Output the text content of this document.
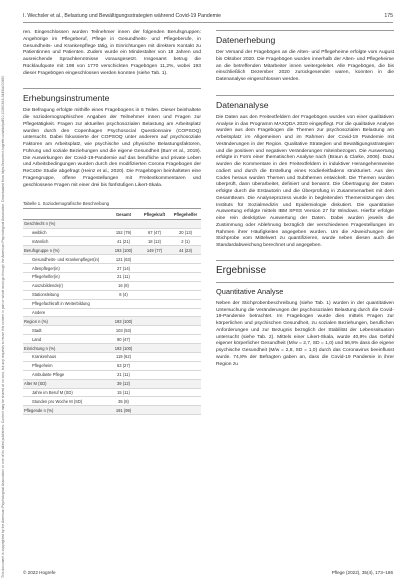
This document is copyrighted by the American Psychological Association or one of its allied publishers. Content may be shared at no cost, but any requests to reuse this content in part or whole must go through the American Psychological Association. Downloaded from https://econtent.hogrefe.com/doi/pdf/10.1026/1616-3443/a000650
I. Wechsler et al., Belastung und Bewältigungsstrategien während Covid-19 Pandemie	175

ren. Eingeschlossen wurden Teilnehmer innen der folgenden Berufsgruppen: Angehörige im Pflegeberuf, Pflege in Gesundheits- und Pflegeberufe, in Gesundheits- und Krankenpflege tätig, in Einrichtungen mit direktem Kontakt zu Patientinnen und Patienten. Zudem wurde ein Mindestalter von 18 Jahren und ausreichende Sprachkenntnisse vorausgesetzt. Insgesamt betrug die Rücklaufquote mit 198 von 1770 verschickten Fragebögen 11,2%, wobei 193 dieser Fragebögen eingeschlossen werden konnten (siehe Tab. 1).

Erhebungsinstrumente

Die Befragung erfolgte mithilfe eines Fragebogens in 6 Teilen. Dieser beinhaltete die soziodemographischen Angaben der Teilnehmer innen und Fragen zur Pflegetätigkeit. Fragen zur aktuellen psychosozialen Belastung am Arbeitsplatz wurden durch den Copenhagen Psychosocial Questionnaire (COPSOQ) untersucht. Dabei fokussierte der COPSOQ unter anderem auf psychosoziale Faktoren am Arbeitsplatz, wie psychische und physische Belastungsfaktoren, Führung und soziale Beziehungen und die eigene Gesundheit (Burr et al., 2019). Die Auswirkungen der Covid-19-Pandemie auf das berufliche und private Leben und Arbeitsbedingungen wurden durch den modifizierten Corona Fragebogen der ReCoDe Studie abgefragt (Heinz et al., 2020). Die Fragebögen beinhalteten eine Fragengruppe, offene Fragestellungen mit Freitextkommentaren und geschlossene Fragen mit einer drei bis fünfstufigen Likert-Skala.

Tabelle 1. Soziodemografische Beschreibung
	Gesamt	Pflegekraft	Pflegehelfer
Geschlecht n (%)			
weiblich	152 (79)	67 (47)	20 (13)
männlich	41 (21)	18 (12)	2 (1)
Berufsgruppe n (%)	193 (100)	149 (77)	44 (23)
Gesundheits- und Krankenpfleger(in)	121 (63)		
Altenpfleger(in)	27 (14)		
Pflegehelfer(in)	21 (11)		
Auszubildende(r)	16 (8)		
Stationsleitung	8 (4)		
Pflegefachkraft in Weiterbildung			
Andere			
Region n (%)	193 (100)		
Stadt	103 (53)		
Land	90 (47)		
Einrichtung n (%)	193 (100)		
Krankenhaus	119 (62)		
Pflegeheim	53 (27)		
Ambulante Pflege	21 (11)		
Alter M (SD)	39 (12)		
Jahre im Beruf M (SD)	15 (11)		
Stunden pro Woche M (SD)	35 (8)		
Pflegende n (%)	191 (99)		
Datenerhebung

Der Versand der Fragebögen an die Alten- und Pflegeheime erfolgte vom August bis Oktober 2020. Die Fragebögen wurden innerhalb der Alten- und Pflegeheime an die betreffenden Mitarbeiter innen weitergeleitet. Alle Fragebögen, die bis einschließlich Dezember 2020 zurückgesendet waren, konnten in die Datenanalyse eingeschlossen werden.

Datenanalyse

Die Daten aus den Freitextfeldern der Fragebögen wurden von einer qualitativen Analyse in das Programm MAXQDA 2020 eingepflegt. Für die qualitative Analyse wurden aus dem Fragebogen die Themen zur psychosozialen Belastung am Arbeitsplatz im Allgemeinen und im Rahmen der Covid-19 Pandemie mit Veränderungen in der Region. Qualitative Strategien und Bewältigungsstrategien und die positiven und negativen Veränderungen miteinbezogen. Die Auswertung erfolgte in Form einer thematischen Analyse nach (Braun & Clarke, 2006). Dazu wurden die Kommentare in den Freitextfeldern in induktiver Herangehensweise codiert und durch die Erstellung eines Kodierleitfadens strukturiert. Aus den Codes heraus wurden Themen und Subthemen entwickelt. Die Themen wurden überprüft, dann überarbeitet, definiert und benannt. Die Übertragung der Daten erfolgte durch die Erstautorin und die Überprüfung in Zusammenarbeit mit dem Gesamtteam. Die Analyseprozess wurde in begleitenden Themensitzungen des Instituts für Sozialmedizin und Epidemiologie diskutiert. Die quantitative Auswertung erfolgte mittels IBM SPSS Version 27 für Windows. Hierfür erfolgte eine rein deskriptive Auswertung der Daten. Dabei wurden jeweils die Zustimmung oder Ablehnung bezüglich der verschiedenen Fragestellungen im Rahmen ihrer Häufigkeiten angegeben wurden. Um die Abweichungen der Stichprobe vom Mittelwert zu quantifizieren, wurde neben diesen auch die Standardabweichung berechnet und angegeben.

Ergebnisse
Quantitative Analyse

Neben der Stichprobenbeschreibung (siehe Tab. 1) wurden in der quantitativen Untersuchung die Veränderungen der psychosozialen Belastung durch die Covid-19-Pandemie betrachtet. Im Fragebogen wurde dies mittels Fragen zur körperlichen und psychischen Gesundheit, zu sozialen Beziehungen, beruflichen Anforderungen und zur Bezugnis bezüglich der Stabilität der Lebenssituation untersucht (siehe Tab. 2). Mittels einer Likert-Skala, wurde 40,9% das Gefühl eigener körperlicher Gesundheit (M/w = 2,7, SD = 1,0) und 56,9% dass die eigene psychische Gesundheit (M/w = 2,8, SD = 1,0) durch das Coronavirus beeinflusst wurde. 74,8% der Befragten gaben an, dass die Covid-19 Pandemie in ihrer Region zu

© 2022 Hogrefe	Pflege (2022), 35(4), 173–186
